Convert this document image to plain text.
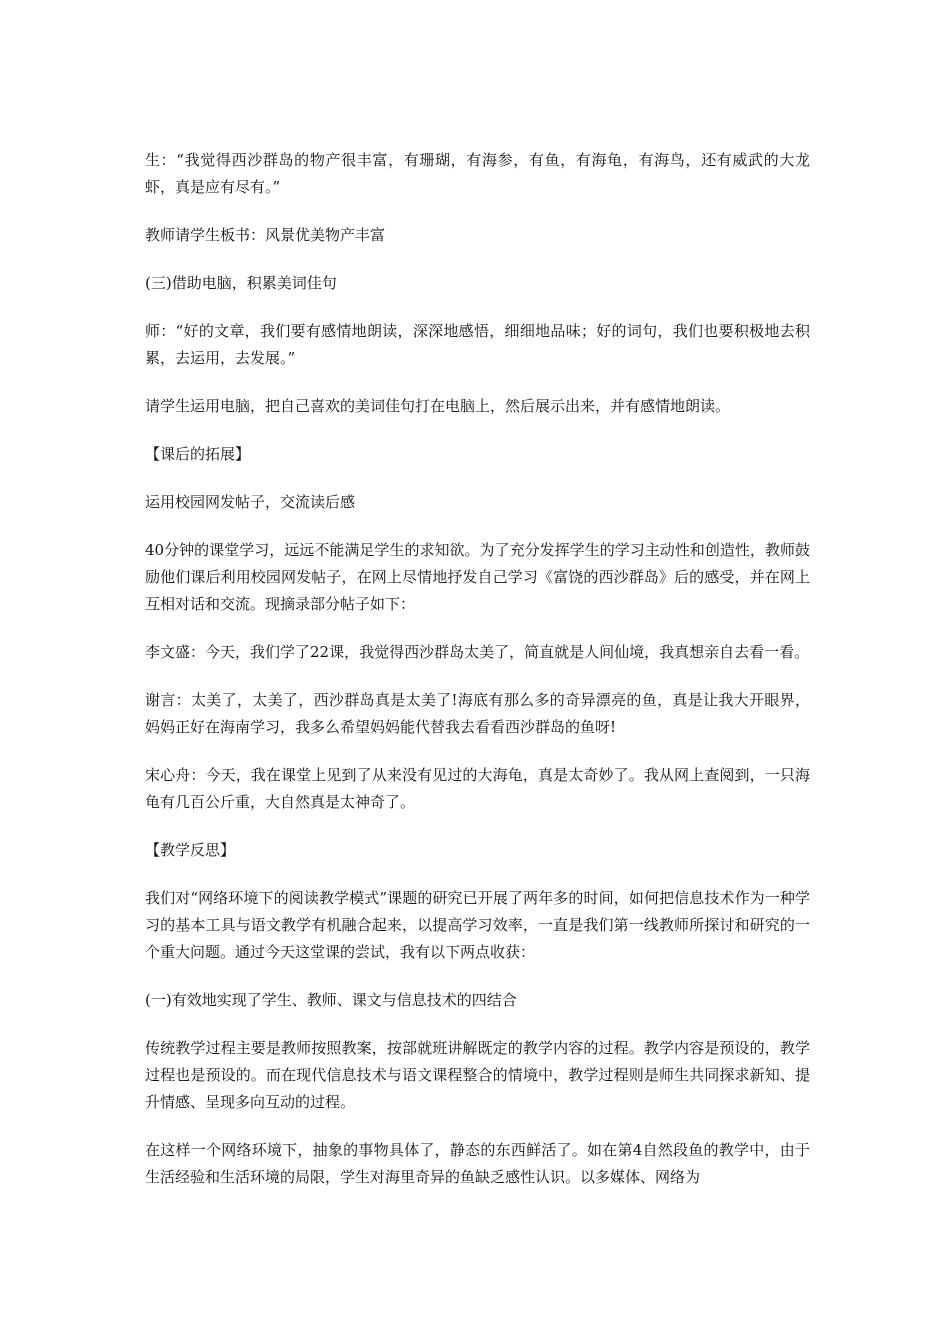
生：“我觉得西沙群岛的物产很丰富，有珊瑚，有海参，有鱼，有海龟，有海鸟，还有威武的大龙虾，真是应有尽有。”

教师请学生板书：风景优美物产丰富

(三)借助电脑，积累美词佳句

师：“好的文章，我们要有感情地朗读，深深地感悟，细细地品味；好的词句，我们也要积极地去积累，去运用，去发展。”

请学生运用电脑，把自己喜欢的美词佳句打在电脑上，然后展示出来，并有感情地朗读。

【课后的拓展】

运用校园网发帖子，交流读后感

40分钟的课堂学习，远远不能满足学生的求知欲。为了充分发挥学生的学习主动性和创造性，教师鼓励他们课后利用校园网发帖子，在网上尽情地抒发自己学习《富饶的西沙群岛》后的感受，并在网上互相对话和交流。现摘录部分帖子如下：

李文盛：今天，我们学了22课，我觉得西沙群岛太美了，简直就是人间仙境，我真想亲自去看一看。

谢言：太美了，太美了，西沙群岛真是太美了!海底有那么多的奇异漂亮的鱼，真是让我大开眼界，妈妈正好在海南学习，我多么希望妈妈能代替我去看看西沙群岛的鱼呀!

宋心舟：今天，我在课堂上见到了从来没有见过的大海龟，真是太奇妙了。我从网上查阅到，一只海龟有几百公斤重，大自然真是太神奇了。

【教学反思】

我们对“网络环境下的阅读教学模式”课题的研究已开展了两年多的时间，如何把信息技术作为一种学习的基本工具与语文教学有机融合起来，以提高学习效率，一直是我们第一线教师所探讨和研究的一个重大问题。通过今天这堂课的尝试，我有以下两点收获：

(一)有效地实现了学生、教师、课文与信息技术的四结合

传统教学过程主要是教师按照教案，按部就班讲解既定的教学内容的过程。教学内容是预设的，教学过程也是预设的。而在现代信息技术与语文课程整合的情境中，教学过程则是师生共同探求新知、提升情感、呈现多向互动的过程。

在这样一个网络环境下，抽象的事物具体了，静态的东西鲜活了。如在第4自然段鱼的教学中，由于生活经验和生活环境的局限，学生对海里奇异的鱼缺乏感性认识。以多媒体、网络为
